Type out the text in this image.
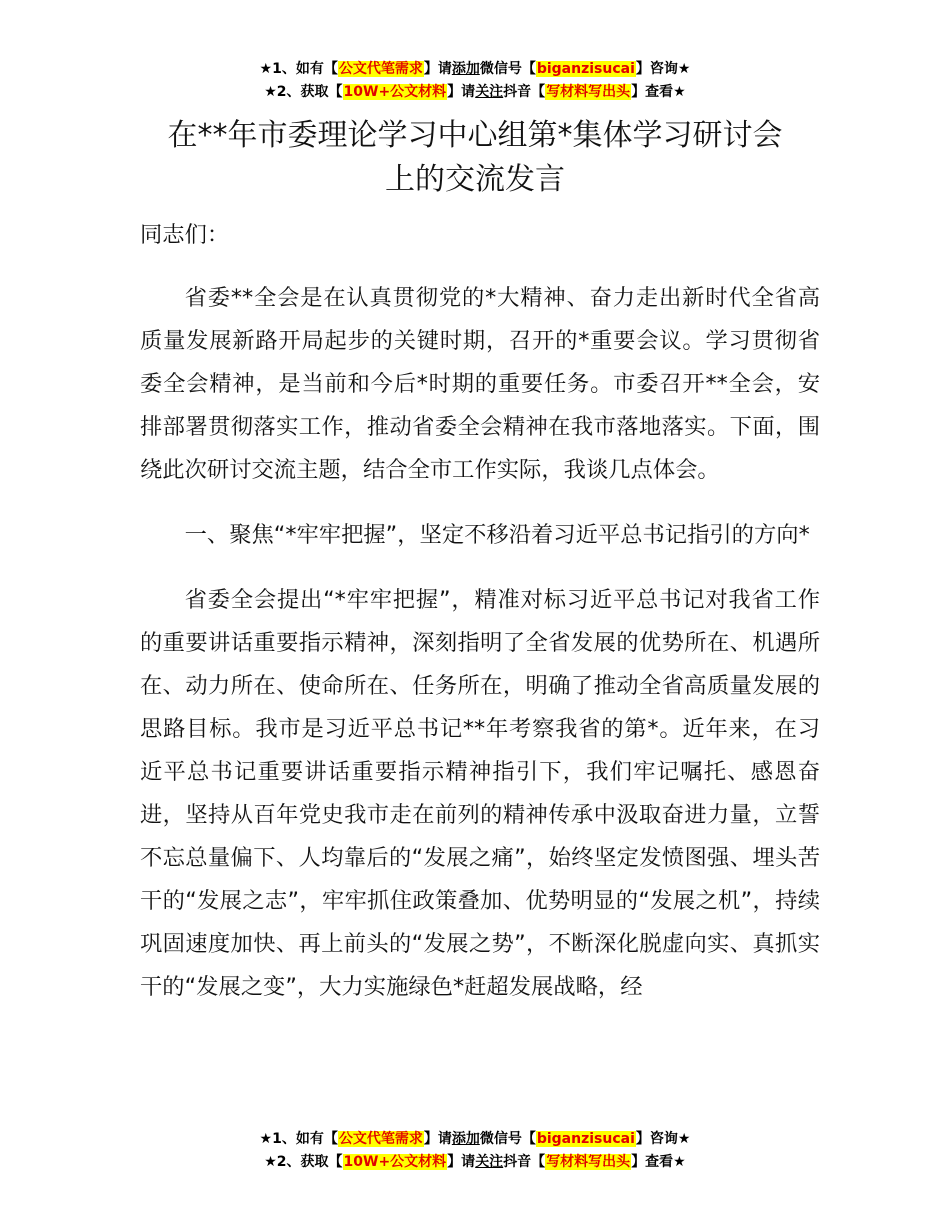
★1、如有【公文代笔需求】请添加微信号【biganzisucai】咨询★
★2、获取【10W+公文材料】请关注抖音【写材料写出头】查看★
在**年市委理论学习中心组第*集体学习研讨会
上的交流发言

同志们：

省委**全会是在认真贯彻党的*大精神、奋力走出新时代全省高质量发展新路开局起步的关键时期，召开的*重要会议。学习贯彻省委全会精神，是当前和今后*时期的重要任务。市委召开**全会，安排部署贯彻落实工作，推动省委全会精神在我市落地落实。下面，围绕此次研讨交流主题，结合全市工作实际，我谈几点体会。

一、聚焦“*牢牢把握”，坚定不移沿着习近平总书记指引的方向*

省委全会提出“*牢牢把握”，精准对标习近平总书记对我省工作的重要讲话重要指示精神，深刻指明了全省发展的优势所在、机遇所在、动力所在、使命所在、任务所在，明确了推动全省高质量发展的思路目标。我市是习近平总书记**年考察我省的第*。近年来，在习近平总书记重要讲话重要指示精神指引下，我们牢记嘱托、感恩奋进，坚持从百年党史我市走在前列的精神传承中汲取奋进力量，立誓不忘总量偏下、人均靠后的“发展之痛”，始终坚定发愤图强、埋头苦干的“发展之志”，牢牢抓住政策叠加、优势明显的“发展之机”，持续巩固速度加快、再上前头的“发展之势”，不断深化脱虚向实、真抓实干的“发展之变”，大力实施绿色*赶超发展战略，经

★1、如有【公文代笔需求】请添加微信号【biganzisucai】咨询★
★2、获取【10W+公文材料】请关注抖音【写材料写出头】查看★
